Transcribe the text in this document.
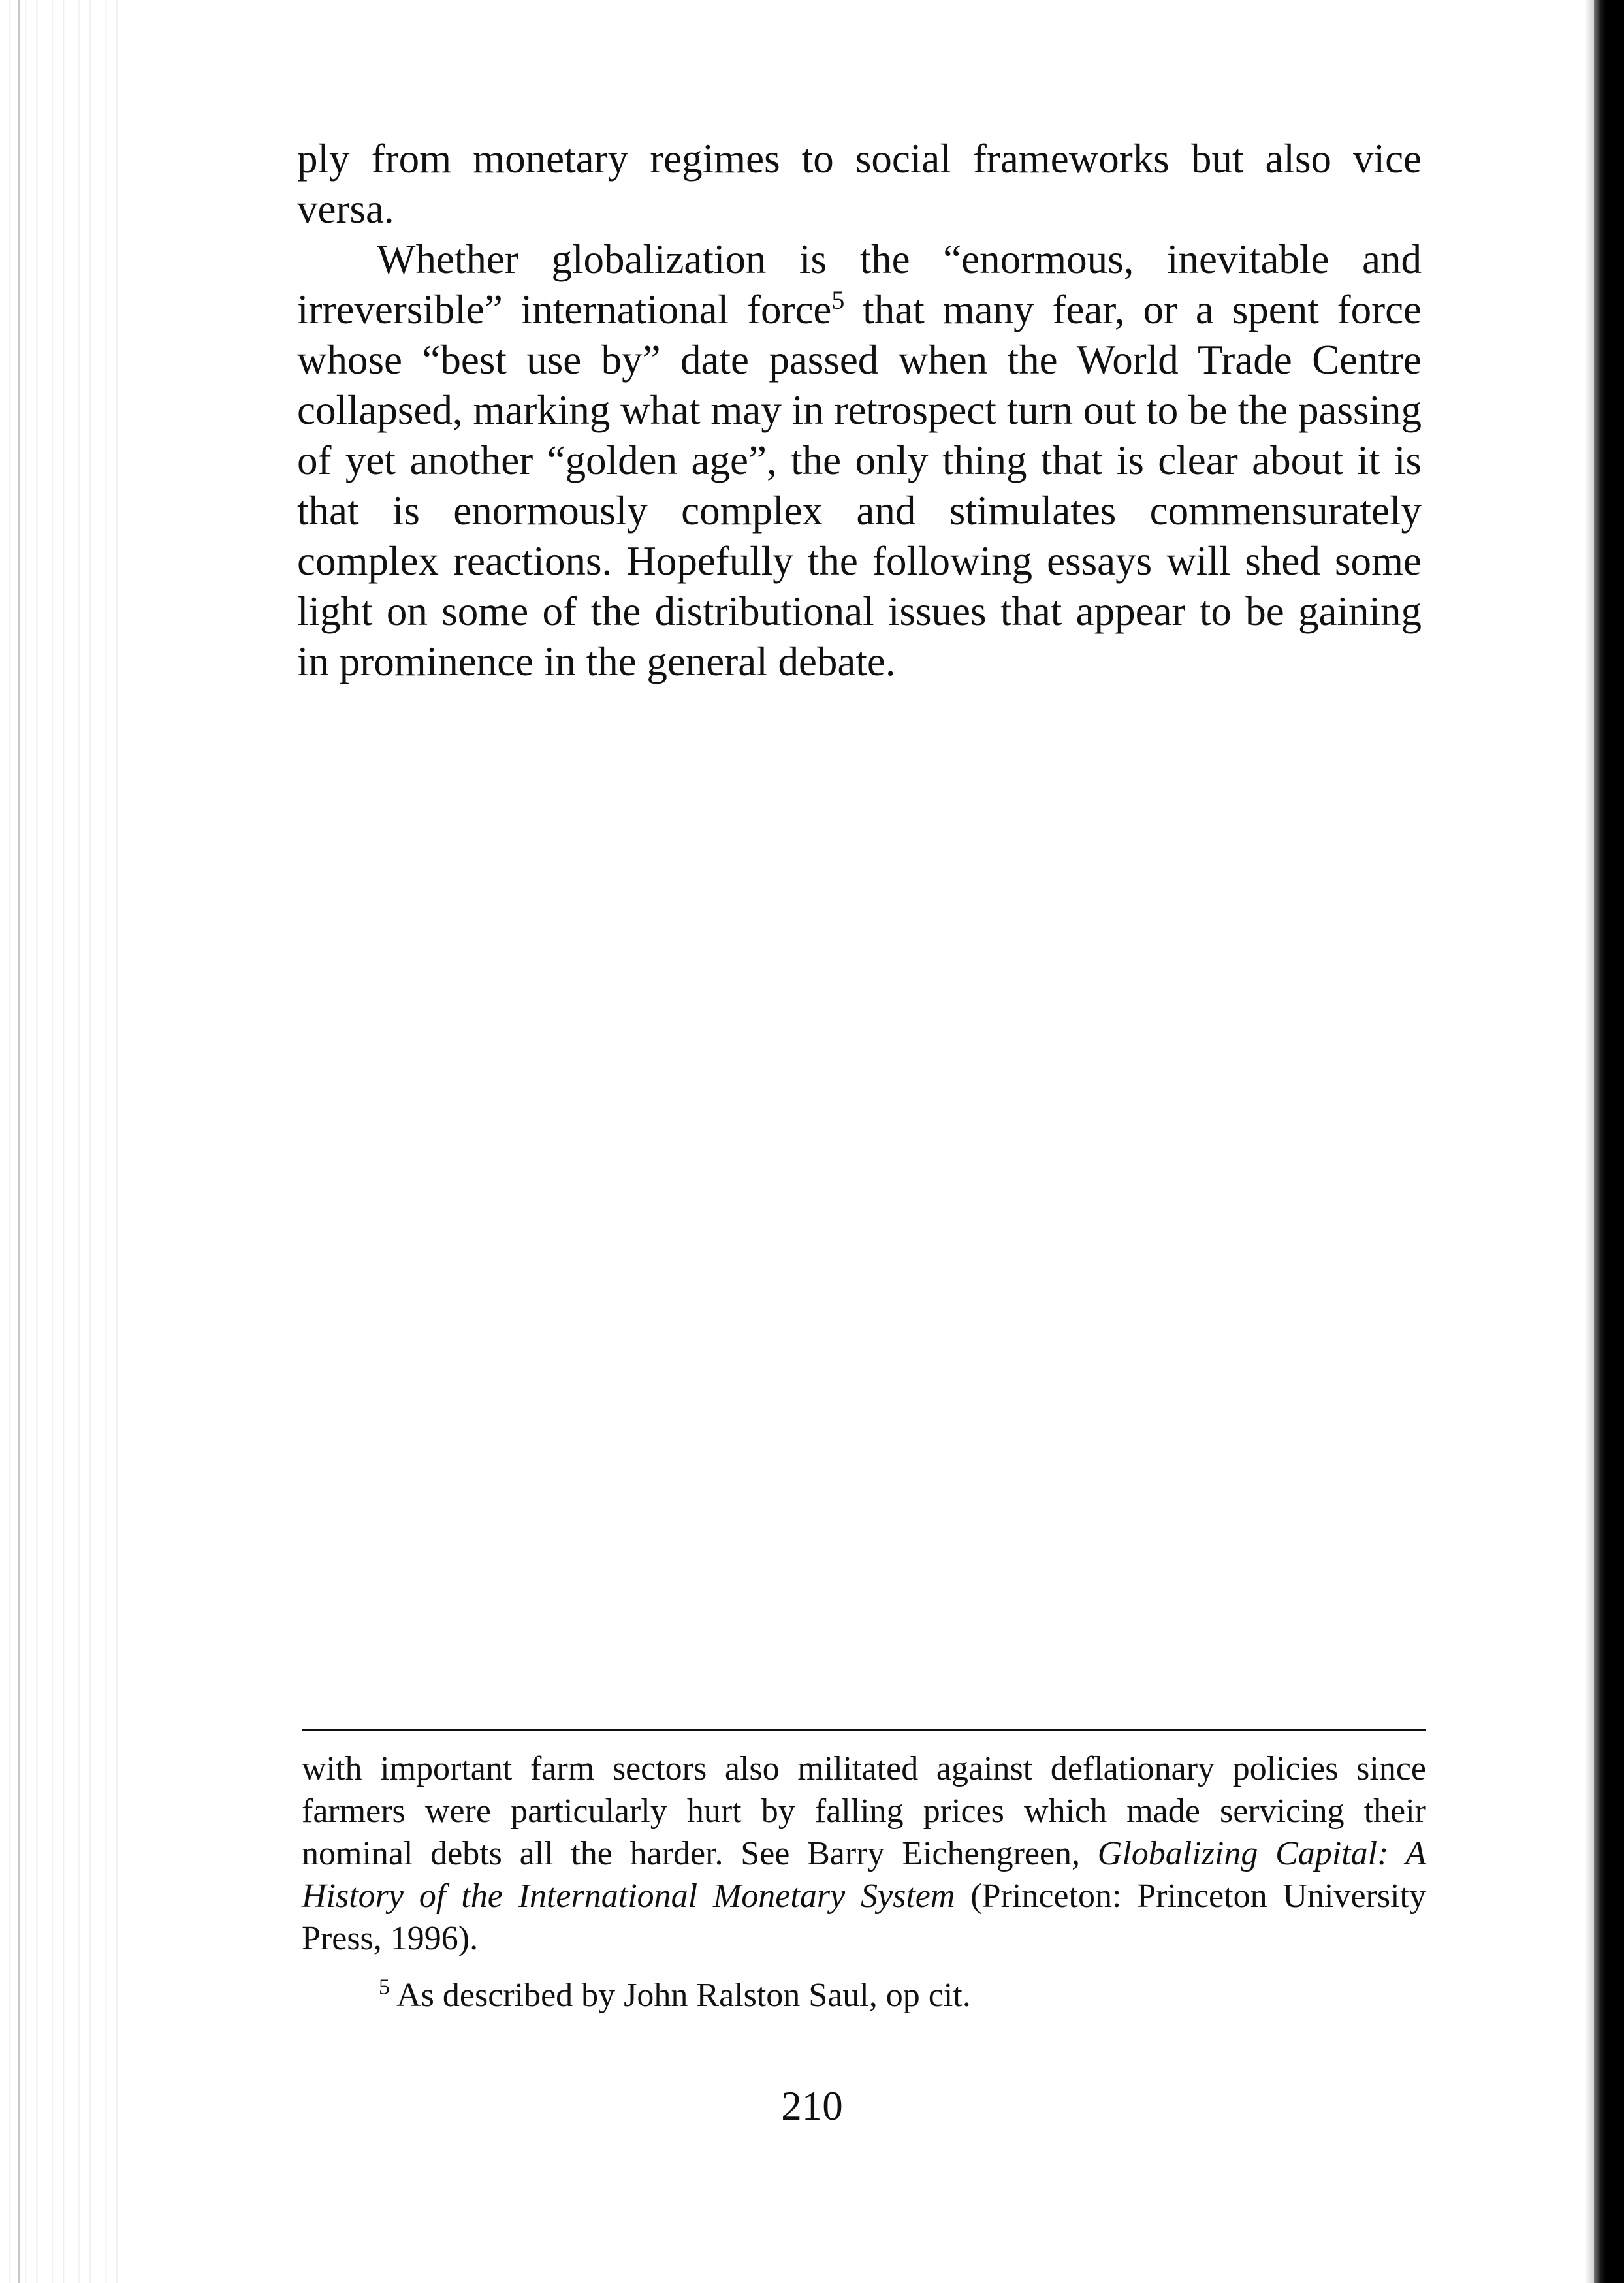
ply from monetary regimes to social frameworks but also vice versa.

Whether globalization is the “enormous, inevitable and irreversible” international force$^5$ that many fear, or a spent force whose “best use by” date passed when the World Trade Centre collapsed, marking what may in retrospect turn out to be the passing of yet another “golden age”, the only thing that is clear about it is that is enormously complex and stimulates commensurately complex reactions. Hopefully the following essays will shed some light on some of the distributional issues that appear to be gaining in prominence in the general debate.

with important farm sectors also militated against deflationary policies since farmers were particularly hurt by falling prices which made servicing their nominal debts all the harder. See Barry Eichengreen, Globalizing Capital: A History of the International Monetary System (Princeton: Princeton University Press, 1996).

$^5$ As described by John Ralston Saul, op cit.

210
